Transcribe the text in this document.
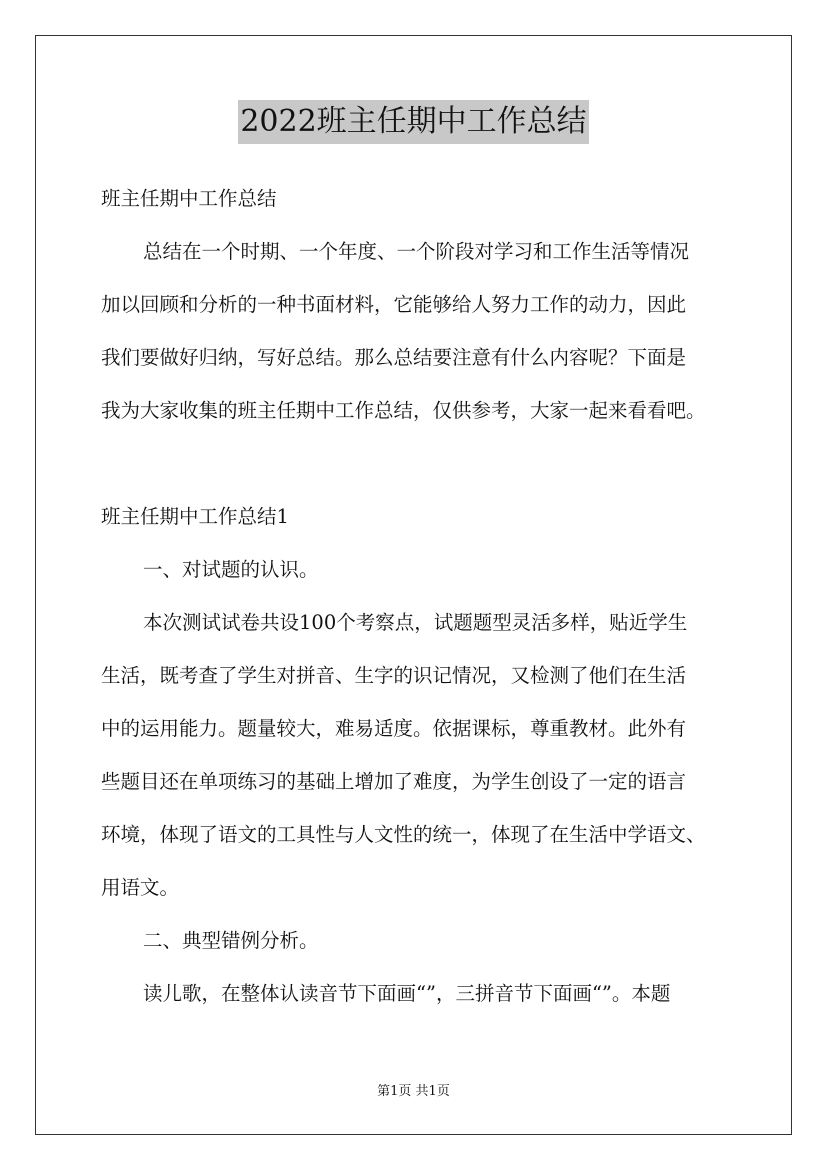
2022班主任期中工作总结

班主任期中工作总结

总结在一个时期、一个年度、一个阶段对学习和工作生活等情况

加以回顾和分析的一种书面材料，它能够给人努力工作的动力，因此

我们要做好归纳，写好总结。那么总结要注意有什么内容呢？下面是

我为大家收集的班主任期中工作总结，仅供参考，大家一起来看看吧。

班主任期中工作总结1

一、对试题的认识。

本次测试试卷共设100个考察点，试题题型灵活多样，贴近学生

生活，既考查了学生对拼音、生字的识记情况，又检测了他们在生活

中的运用能力。题量较大，难易适度。依据课标，尊重教材。此外有

些题目还在单项练习的基础上增加了难度，为学生创设了一定的语言

环境，体现了语文的工具性与人文性的统一，体现了在生活中学语文、

用语文。

二、典型错例分析。

读儿歌，在整体认读音节下面画“”，三拼音节下面画“”。本题

第1页 共1页
